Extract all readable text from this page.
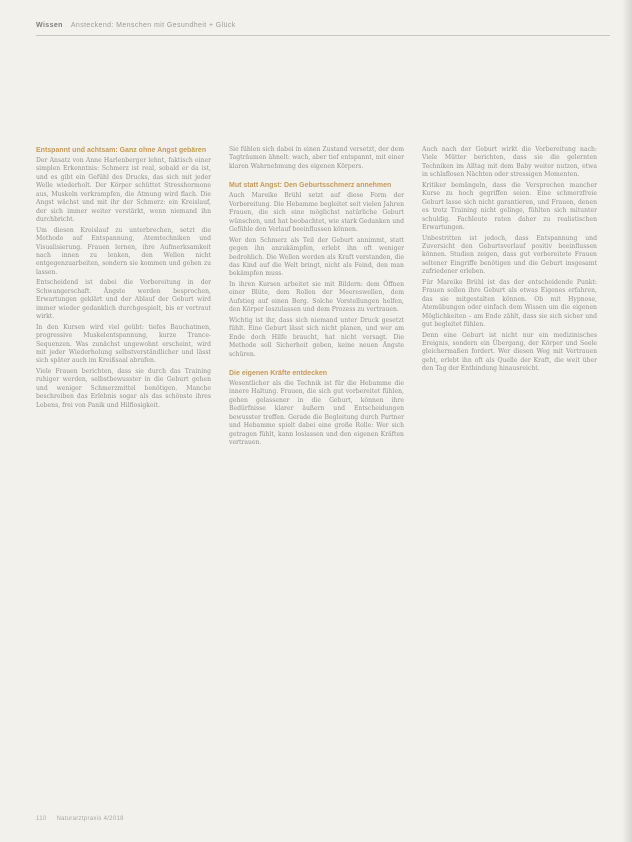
Wissen Ansteckend: Menschen mit Gesundheit + Glück
Entspannt und achtsam: Ganz ohne Angst gebären

Der Ansatz von Anne Harlenberger lehnt, faktisch einer simplen Erkenntnis: Schmerz ist real, sobald er da ist, und es gibt ein Gefühl des Drucks, das sich mit jeder Welle wiederholt. Der Körper schüttet Stresshormone aus, Muskeln verkrampfen, die Atmung wird flach. Die Angst wächst und mit ihr der Schmerz: ein Kreislauf, der sich immer weiter verstärkt, wenn niemand ihn durchbricht.

Um diesen Kreislauf zu unterbrechen, setzt die Methode auf Entspannung, Atemtechniken und Visualisierung. Frauen lernen, ihre Aufmerksamkeit nach innen zu lenken, den Wellen nicht entgegenzuarbeiten, sondern sie kommen und gehen zu lassen.

Entscheidend ist dabei die Vorbereitung in der Schwangerschaft. Ängste werden besprochen, Erwartungen geklärt und der Ablauf der Geburt wird immer wieder gedanklich durchgespielt, bis er vertraut wirkt.

In den Kursen wird viel geübt: tiefes Bauchatmen, progressive Muskelentspannung, kurze Trance-Sequenzen. Was zunächst ungewohnt erscheint, wird mit jeder Wiederholung selbstverständlicher und lässt sich später auch im Kreißsaal abrufen.

Viele Frauen berichten, dass sie durch das Training ruhiger werden, selbstbewusster in die Geburt gehen und weniger Schmerzmittel benötigen. Manche beschreiben das Erlebnis sogar als das schönste ihres Lebens, frei von Panik und Hilflosigkeit.

Sie fühlen sich dabei in einen Zustand versetzt, der dem Tagträumen ähnelt: wach, aber tief entspannt, mit einer klaren Wahrnehmung des eigenen Körpers.

Mut statt Angst: Den Geburtsschmerz annehmen

Auch Mareike Brühl setzt auf diese Form der Vorbereitung. Die Hebamme begleitet seit vielen Jahren Frauen, die sich eine möglichst natürliche Geburt wünschen, und hat beobachtet, wie stark Gedanken und Gefühle den Verlauf beeinflussen können.

Wer den Schmerz als Teil der Geburt annimmt, statt gegen ihn anzukämpfen, erlebt ihn oft weniger bedrohlich. Die Wellen werden als Kraft verstanden, die das Kind auf die Welt bringt, nicht als Feind, den man bekämpfen muss.

In ihren Kursen arbeitet sie mit Bildern: dem Öffnen einer Blüte, dem Rollen der Meereswellen, dem Aufstieg auf einen Berg. Solche Vorstellungen helfen, den Körper loszulassen und dem Prozess zu vertrauen.

Wichtig ist ihr, dass sich niemand unter Druck gesetzt fühlt. Eine Geburt lässt sich nicht planen, und wer am Ende doch Hilfe braucht, hat nicht versagt. Die Methode soll Sicherheit geben, keine neuen Ängste schüren.

Die eigenen Kräfte entdecken

Wesentlicher als die Technik ist für die Hebamme die innere Haltung. Frauen, die sich gut vorbereitet fühlen, gehen gelassener in die Geburt, können ihre Bedürfnisse klarer äußern und Entscheidungen bewusster treffen. Gerade die Begleitung durch Partner und Hebamme spielt dabei eine große Rolle: Wer sich getragen fühlt, kann loslassen und den eigenen Kräften vertrauen.

Auch nach der Geburt wirkt die Vorbereitung nach: Viele Mütter berichten, dass sie die gelernten Techniken im Alltag mit dem Baby weiter nutzen, etwa in schlaflosen Nächten oder stressigen Momenten.

Kritiker bemängeln, dass die Versprechen mancher Kurse zu hoch gegriffen seien. Eine schmerzfreie Geburt lasse sich nicht garantieren, und Frauen, denen es trotz Training nicht gelinge, fühlten sich mitunter schuldig. Fachleute raten daher zu realistischen Erwartungen.

Unbestritten ist jedoch, dass Entspannung und Zuversicht den Geburtsverlauf positiv beeinflussen können. Studien zeigen, dass gut vorbereitete Frauen seltener Eingriffe benötigen und die Geburt insgesamt zufriedener erleben.

Für Mareike Brühl ist das der entscheidende Punkt: Frauen sollen ihre Geburt als etwas Eigenes erfahren, das sie mitgestalten können. Ob mit Hypnose, Atemübungen oder einfach dem Wissen um die eigenen Möglichkeiten – am Ende zählt, dass sie sich sicher und gut begleitet fühlen.

Denn eine Geburt ist nicht nur ein medizinisches Ereignis, sondern ein Übergang, der Körper und Seele gleichermaßen fordert. Wer diesen Weg mit Vertrauen geht, erlebt ihn oft als Quelle der Kraft, die weit über den Tag der Entbindung hinausreicht.

110 Naturarztpraxis 4/2018
